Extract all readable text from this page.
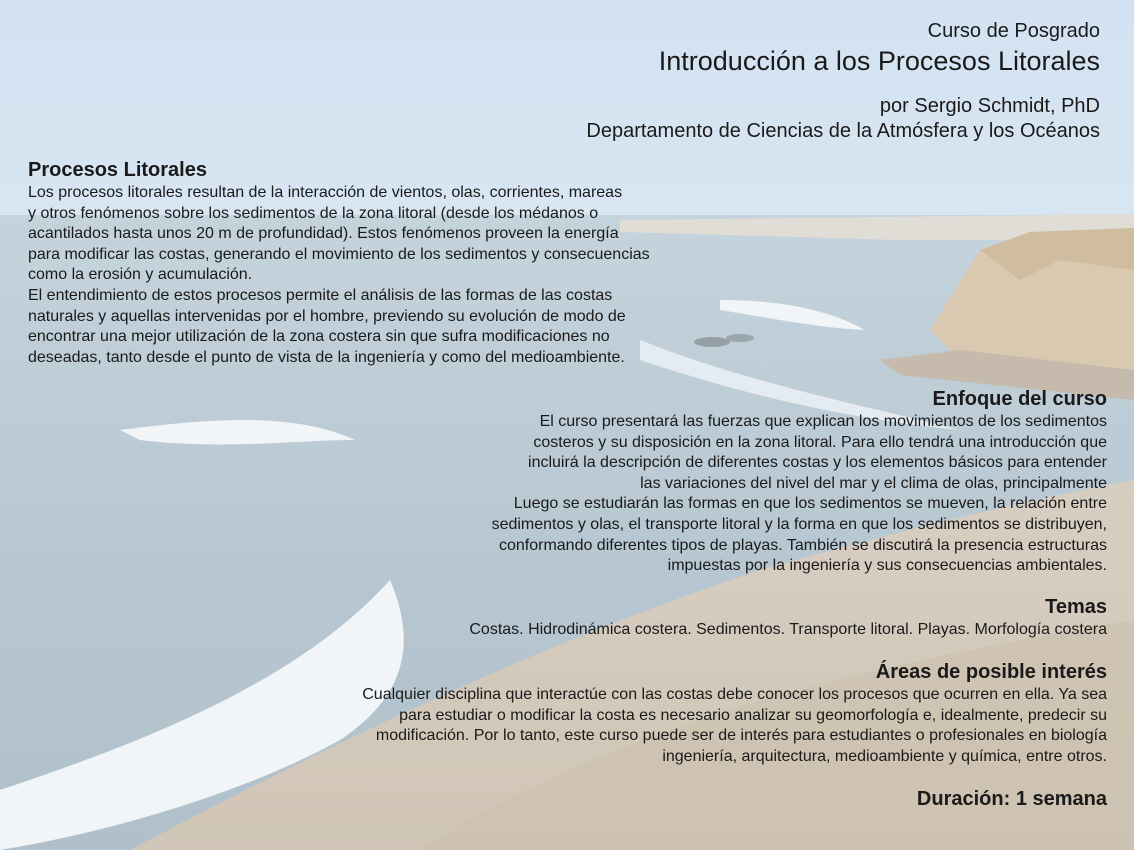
Curso de Posgrado

Introducción a los Procesos Litorales
por Sergio Schmidt, PhD
Departamento de Ciencias de la Atmósfera y los Océanos
Procesos Litorales
Los procesos litorales resultan de la interacción de vientos, olas, corrientes, mareas
y otros fenómenos sobre los sedimentos de la zona litoral (desde los médanos o
acantilados hasta unos 20 m de profundidad). Estos fenómenos proveen la energía
para modificar las costas, generando el movimiento de los sedimentos y consecuencias
como la erosión y acumulación.
El entendimiento de estos procesos permite el análisis de las formas de las costas
naturales y aquellas intervenidas por el hombre, previendo su evolución de modo de
encontrar una mejor utilización de la zona costera sin que sufra modificaciones no
deseadas, tanto desde el punto de vista de la ingeniería y como del medioambiente.
Enfoque del curso
El curso presentará las fuerzas que explican los movimientos de los sedimentos
costeros y su disposición en la zona litoral. Para ello tendrá una introducción que
incluirá la descripción de diferentes costas y los elementos básicos para entender
las variaciones del nivel del mar y el clima de olas, principalmente
Luego se estudiarán las formas en que los sedimentos se mueven, la relación entre
sedimentos y olas, el transporte litoral y la forma en que los sedimentos se distribuyen,
conformando diferentes tipos de playas. También se discutirá la presencia estructuras
impuestas por la ingeniería y sus consecuencias ambientales.
Temas
Costas. Hidrodinámica costera. Sedimentos. Transporte litoral. Playas. Morfología costera
Áreas de posible interés
Cualquier disciplina que interactúe con las costas debe conocer los procesos que ocurren en ella. Ya sea
para estudiar o modificar la costa es necesario analizar su geomorfología e, idealmente, predecir su
modificación. Por lo tanto, este curso puede ser de interés para estudiantes o profesionales en biología
ingeniería, arquitectura, medioambiente y química, entre otros.
Duración: 1 semana
